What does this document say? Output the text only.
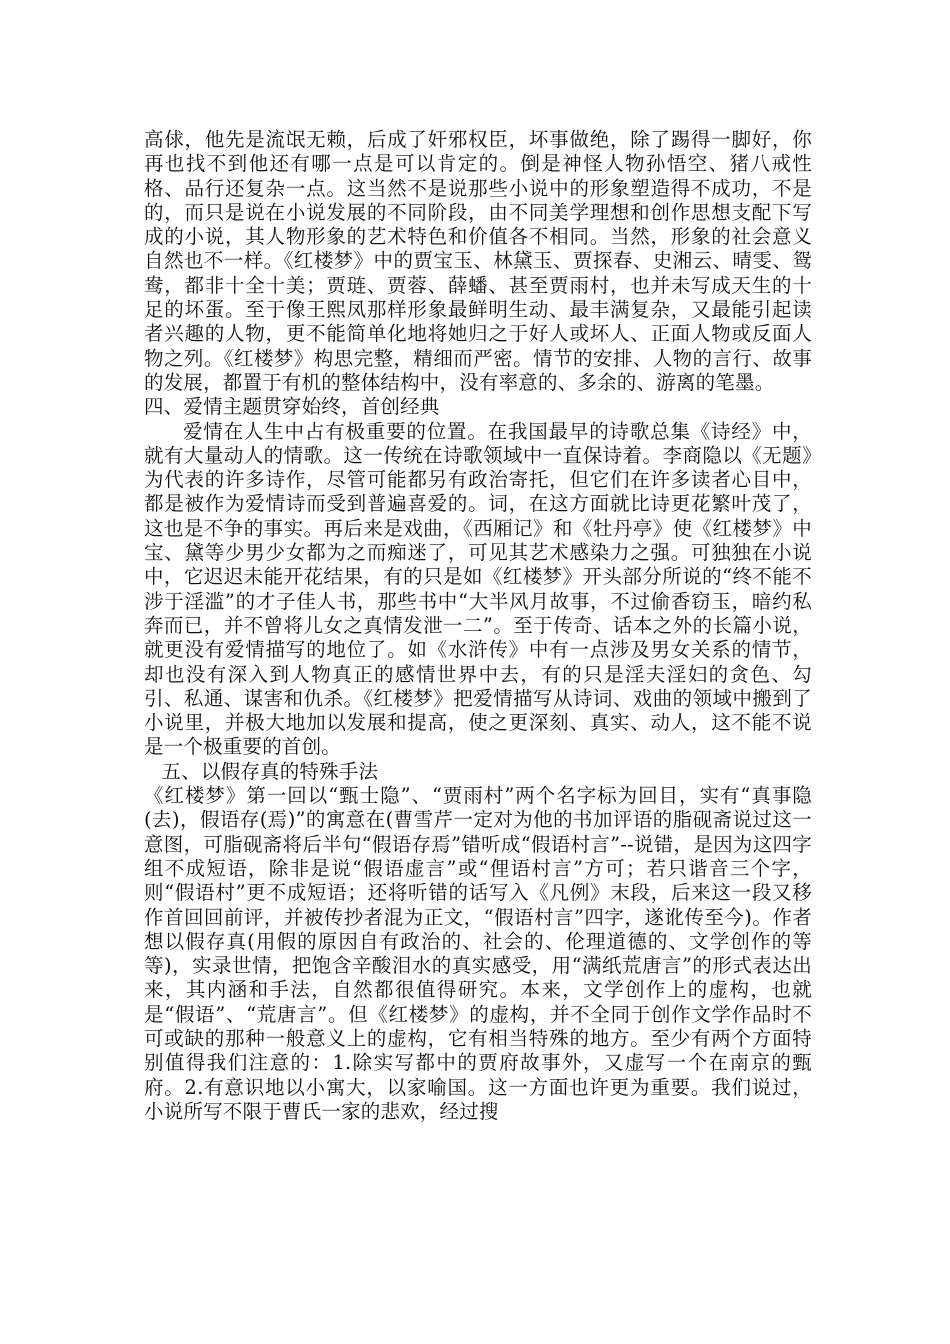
高俅，他先是流氓无赖，后成了奸邪权臣，坏事做绝，除了踢得一脚好，你再也找不到他还有哪一点是可以肯定的。倒是神怪人物孙悟空、猪八戒性格、品行还复杂一点。这当然不是说那些小说中的形象塑造得不成功，不是的，而只是说在小说发展的不同阶段，由不同美学理想和创作思想支配下写成的小说，其人物形象的艺术特色和价值各不相同。当然，形象的社会意义自然也不一样。《红楼梦》中的贾宝玉、林黛玉、贾探春、史湘云、晴雯、鸳鸯，都非十全十美；贾琏、贾蓉、薛蟠、甚至贾雨村，也并未写成天生的十足的坏蛋。至于像王熙凤那样形象最鲜明生动、最丰满复杂，又最能引起读者兴趣的人物，更不能简单化地将她归之于好人或坏人、正面人物或反面人物之列。《红楼梦》构思完整，精细而严密。情节的安排、人物的言行、故事的发展，都置于有机的整体结构中，没有率意的、多余的、游离的笔墨。

四、爱情主题贯穿始终，首创经典

爱情在人生中占有极重要的位置。在我国最早的诗歌总集《诗经》中，就有大量动人的情歌。这一传统在诗歌领域中一直保诗着。李商隐以《无题》为代表的许多诗作，尽管可能都另有政治寄托，但它们在许多读者心目中，都是被作为爱情诗而受到普遍喜爱的。词，在这方面就比诗更花繁叶茂了，这也是不争的事实。再后来是戏曲，《西厢记》和《牡丹亭》使《红楼梦》中宝、黛等少男少女都为之而痴迷了，可见其艺术感染力之强。可独独在小说中，它迟迟未能开花结果，有的只是如《红楼梦》开头部分所说的“终不能不涉于淫滥”的才子佳人书，那些书中“大半风月故事，不过偷香窃玉，暗约私奔而已，并不曾将儿女之真情发泄一二”。至于传奇、话本之外的长篇小说，就更没有爱情描写的地位了。如《水浒传》中有一点涉及男女关系的情节，却也没有深入到人物真正的感情世界中去，有的只是淫夫淫妇的贪色、勾引、私通、谋害和仇杀。《红楼梦》把爱情描写从诗词、戏曲的领域中搬到了小说里，并极大地加以发展和提高，使之更深刻、真实、动人，这不能不说是一个极重要的首创。

五、以假存真的特殊手法

《红楼梦》第一回以“甄士隐”、“贾雨村”两个名字标为回目，实有“真事隐(去)，假语存(焉)”的寓意在(曹雪芹一定对为他的书加评语的脂砚斋说过这一意图，可脂砚斋将后半句“假语存焉”错听成“假语村言”--说错，是因为这四字组不成短语，除非是说“假语虚言”或“俚语村言”方可；若只谐音三个字，则“假语村”更不成短语；还将听错的话写入《凡例》末段，后来这一段又移作首回回前评，并被传抄者混为正文，“假语村言”四字，遂讹传至今)。作者想以假存真(用假的原因自有政治的、社会的、伦理道德的、文学创作的等等)，实录世情，把饱含辛酸泪水的真实感受，用“满纸荒唐言”的形式表达出来，其内涵和手法，自然都很值得研究。本来，文学创作上的虚构，也就是“假语”、“荒唐言”。但《红楼梦》的虚构，并不全同于创作文学作品时不可或缺的那种一般意义上的虚构，它有相当特殊的地方。至少有两个方面特别值得我们注意的：1.除实写都中的贾府故事外，又虚写一个在南京的甄府。2.有意识地以小寓大，以家喻国。这一方面也许更为重要。我们说过，小说所写不限于曹氏一家的悲欢，经过搜
